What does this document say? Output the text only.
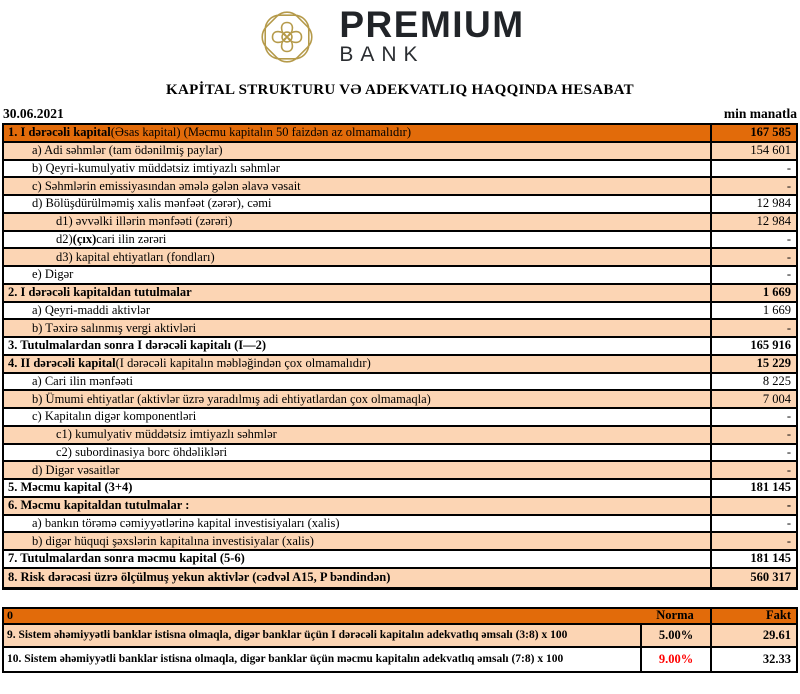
PREMIUM
BANK
KAPİTAL STRUKTURU VƏ ADEKVATLIQ HAQQINDA HESABAT
30.06.2021	min manatla
1. I dərəcəli kapital (Əsas kapital) (Məcmu kapitalın 50 faizdən az olmamalıdır)	167 585
a) Adi səhmlər (tam ödənilmiş paylar)	154 601
b) Qeyri-kumulyativ müddətsiz imtiyazlı səhmlər	-
c) Səhmlərin emissiyasından əmələ gələn əlavə vəsait	-
d) Bölüşdürülməmiş xalis mənfəət (zərər), cəmi	12 984
d1) əvvəlki illərin mənfəəti (zərəri)	12 984
d2) (çıx) cari ilin zərəri	-
d3) kapital ehtiyatları (fondları)	-
e) Digər	-
2. I dərəcəli kapitaldan tutulmalar	1 669
a) Qeyri-maddi aktivlər	1 669
b) Təxirə salınmış vergi aktivləri	-
3. Tutulmalardan sonra I dərəcəli kapitalı (I—2)	165 916
4. II dərəcəli kapital (I dərəcəli kapitalın məbləğindən çox olmamalıdır)	15 229
a) Cari ilin mənfəəti	8 225
b) Ümumi ehtiyatlar (aktivlər üzrə yaradılmış adi ehtiyatlardan çox olmamaqla)	7 004
c) Kapitalın digər komponentləri	-
c1) kumulyativ müddətsiz imtiyazlı səhmlər	-
c2) subordinasiya borc öhdəlikləri	-
d) Digər vəsaitlər	-
5. Məcmu kapital (3+4)	181 145
6. Məcmu kapitaldan tutulmalar :	-
a) bankın törəmə cəmiyyətlərinə kapital investisiyaları (xalis)	-
b) digər hüquqi şəxslərin kapitalına investisiyalar (xalis)	-
7. Tutulmalardan sonra məcmu kapital (5-6)	181 145
8. Risk dərəcəsi üzrə ölçülmuş yekun aktivlər (cədvəl A15, P bəndindən)	560 317
0	Norma	Fakt
9. Sistem əhəmiyyətli banklar istisna olmaqla, digər banklar üçün I dərəcəli kapitalın adekvatlıq əmsalı (3:8) x 100	5.00%	29.61
10. Sistem əhəmiyyətli banklar istisna olmaqla, digər banklar üçün məcmu kapitalın adekvatlıq əmsalı (7:8) x 100	9.00%	32.33
